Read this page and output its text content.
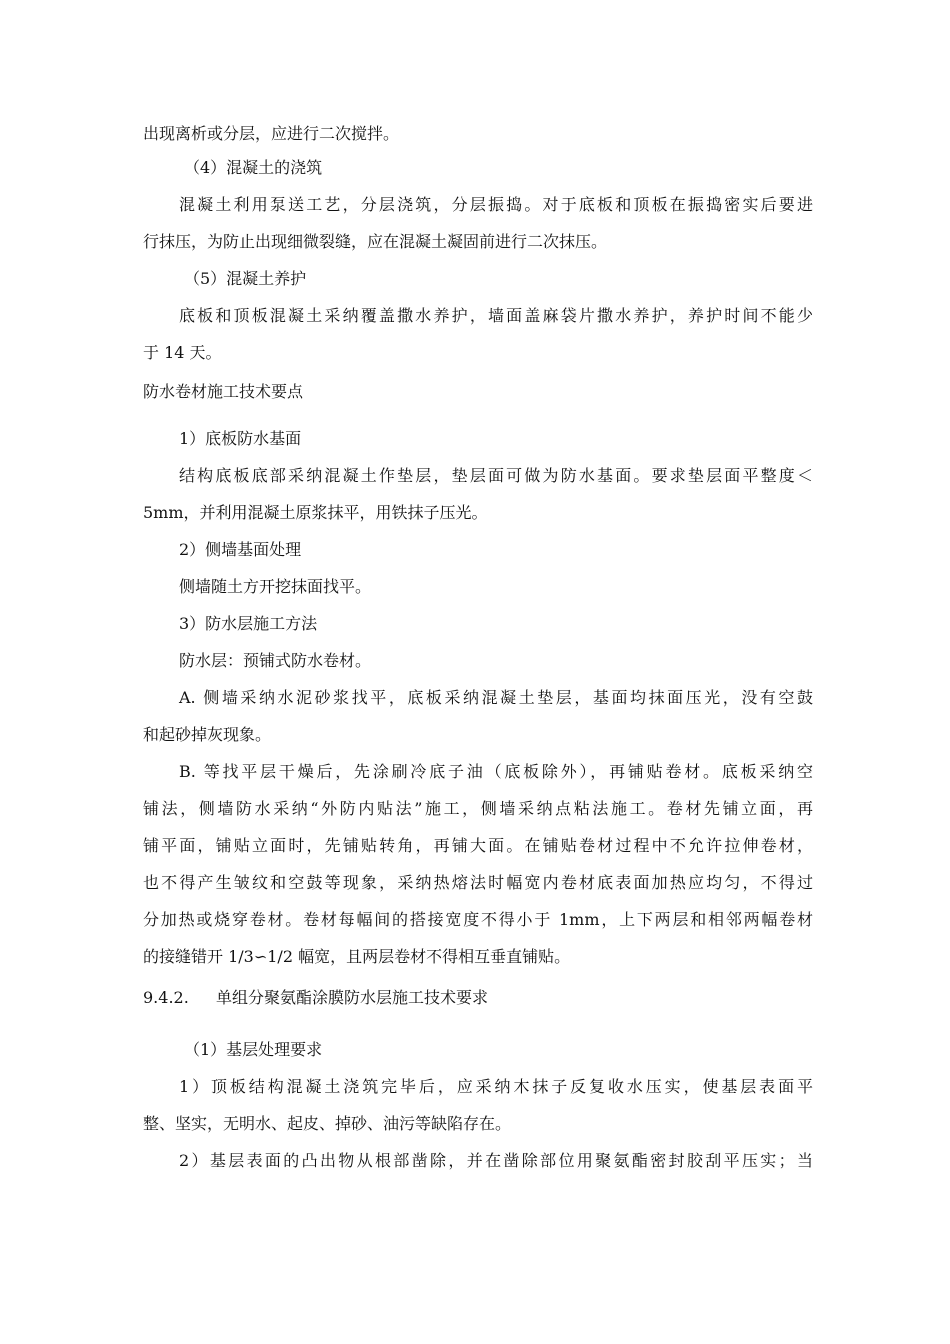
出现离析或分层，应进行二次搅拌。
（4）混凝土的浇筑
混凝土利用泵送工艺，分层浇筑，分层振捣。对于底板和顶板在振捣密实后要进
行抹压，为防止出现细微裂缝，应在混凝土凝固前进行二次抹压。
（5）混凝土养护
底板和顶板混凝土采纳覆盖撒水养护，墙面盖麻袋片撒水养护，养护时间不能少
于 14 天。
防水卷材施工技术要点
1）底板防水基面
结构底板底部采纳混凝土作垫层，垫层面可做为防水基面。要求垫层面平整度＜
5mm，并利用混凝土原浆抹平，用铁抹子压光。
2）侧墙基面处理
侧墙随土方开挖抹面找平。
3）防水层施工方法
防水层：预铺式防水卷材。
A. 侧墙采纳水泥砂浆找平，底板采纳混凝土垫层，基面均抹面压光，没有空鼓
和起砂掉灰现象。
B. 等找平层干燥后，先涂刷冷底子油（底板除外），再铺贴卷材。底板采纳空
铺法，侧墙防水采纳“外防内贴法”施工，侧墙采纳点粘法施工。卷材先铺立面，再
铺平面，铺贴立面时，先铺贴转角，再铺大面。在铺贴卷材过程中不允许拉伸卷材，
也不得产生皱纹和空鼓等现象，采纳热熔法时幅宽内卷材底表面加热应均匀，不得过
分加热或烧穿卷材。卷材每幅间的搭接宽度不得小于 1mm，上下两层和相邻两幅卷材
的接缝错开 1/3∽1/2 幅宽，且两层卷材不得相互垂直铺贴。
9.4.2. 单组分聚氨酯涂膜防水层施工技术要求
（1）基层处理要求
1）顶板结构混凝土浇筑完毕后，应采纳木抹子反复收水压实，使基层表面平
整、坚实，无明水、起皮、掉砂、油污等缺陷存在。
2）基层表面的凸出物从根部凿除，并在凿除部位用聚氨酯密封胶刮平压实；当
